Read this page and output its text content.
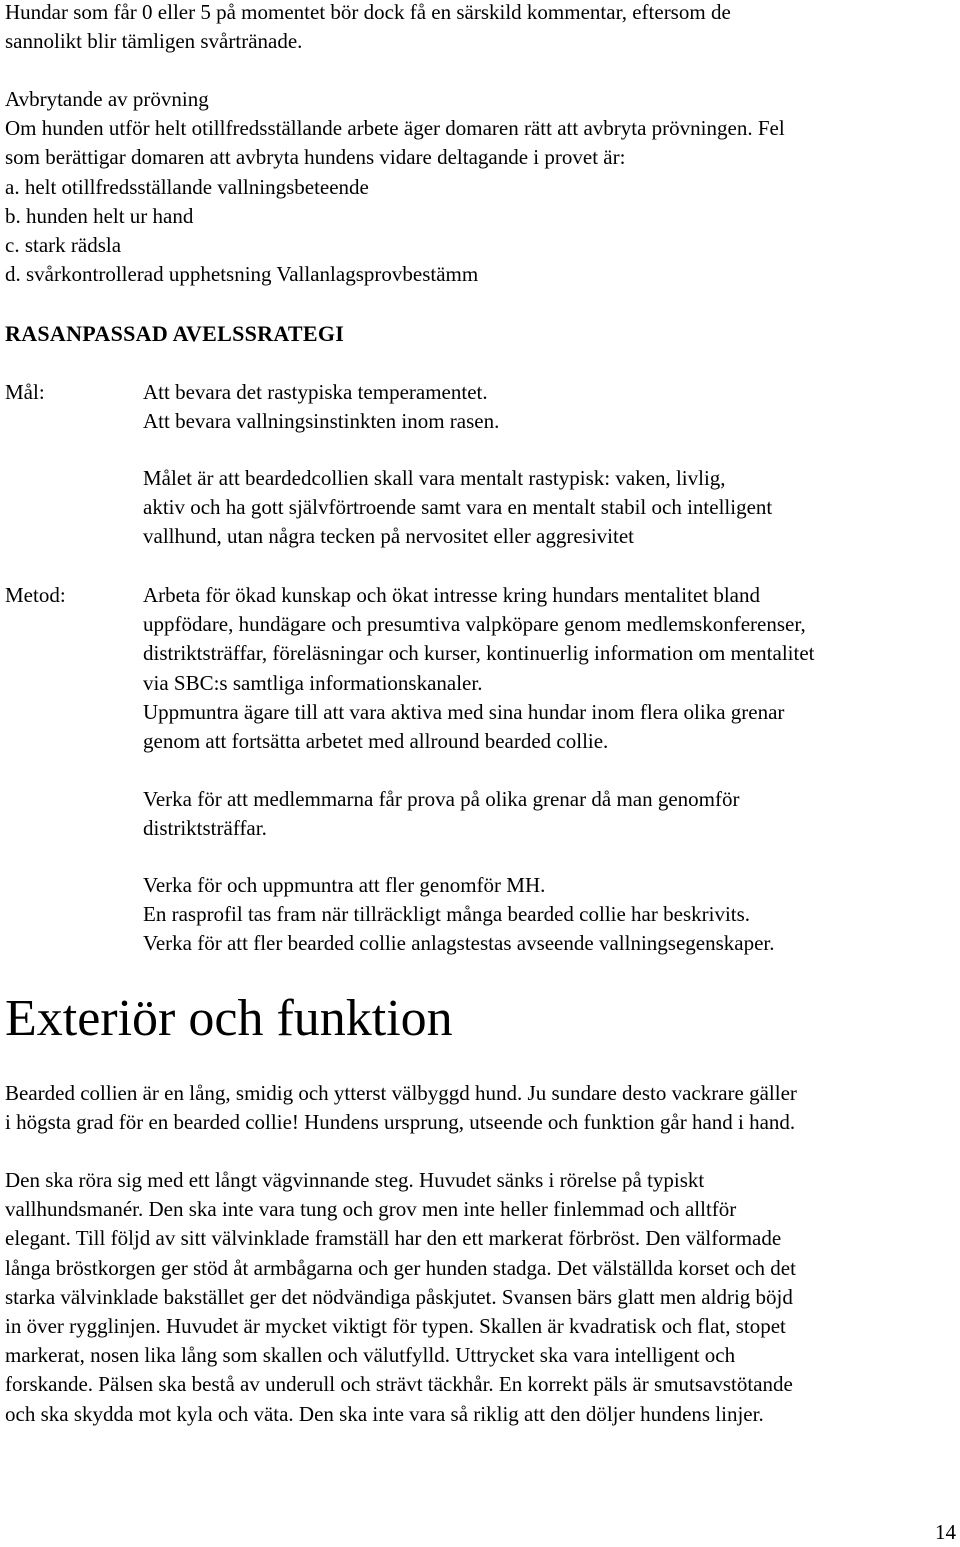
Hundar som får 0 eller 5 på momentet bör dock få en särskild kommentar, eftersom de
sannolikt blir tämligen svårtränade.
Avbrytande av prövning
Om hunden utför helt otillfredsställande arbete äger domaren rätt att avbryta prövningen. Fel
som berättigar domaren att avbryta hundens vidare deltagande i provet är:
a. helt otillfredsställande vallningsbeteende
b. hunden helt ur hand
c. stark rädsla
d. svårkontrollerad upphetsning Vallanlagsprovbestämm
RASANPASSAD AVELSSRATEGI
Mål:	Att bevara det rastypiska temperamentet.
Att bevara vallningsinstinkten inom rasen.
Målet är att beardedcollien skall vara mentalt rastypisk: vaken, livlig,
aktiv och ha gott självförtroende samt vara en mentalt stabil och intelligent
vallhund, utan några tecken på nervositet eller aggresivitet
Metod:	Arbeta för ökad kunskap och ökat intresse kring hundars mentalitet bland
uppfödare, hundägare och presumtiva valpköpare genom medlemskonferenser,
distriktsträffar, föreläsningar och kurser, kontinuerlig information om mentalitet
via SBC:s samtliga informationskanaler.
Uppmuntra ägare till att vara aktiva med sina hundar inom flera olika grenar
genom att fortsätta arbetet med allround bearded collie.
Verka för att medlemmarna får prova på olika grenar då man genomför
distriktsträffar.
Verka för och uppmuntra att fler genomför MH.
En rasprofil tas fram när tillräckligt många bearded collie har beskrivits.
Verka för att fler bearded collie anlagstestas avseende vallningsegenskaper.
Exteriör och funktion
Bearded collien är en lång, smidig och ytterst välbyggd hund. Ju sundare desto vackrare gäller
i högsta grad för en bearded collie! Hundens ursprung, utseende och funktion går hand i hand.
Den ska röra sig med ett långt vägvinnande steg. Huvudet sänks i rörelse på typiskt
vallhundsmanér. Den ska inte vara tung och grov men inte heller finlemmad och alltför
elegant. Till följd av sitt välvinklade framställ har den ett markerat förbröst. Den välformade
långa bröstkorgen ger stöd åt armbågarna och ger hunden stadga. Det välställda korset och det
starka välvinklade bakstället ger det nödvändiga påskjutet. Svansen bärs glatt men aldrig böjd
in över rygglinjen. Huvudet är mycket viktigt för typen. Skallen är kvadratisk och flat, stopet
markerat, nosen lika lång som skallen och välutfylld. Uttrycket ska vara intelligent och
forskande. Pälsen ska bestå av underull och strävt täckhår. En korrekt päls är smutsavstötande
och ska skydda mot kyla och väta. Den ska inte vara så riklig att den döljer hundens linjer.
14
